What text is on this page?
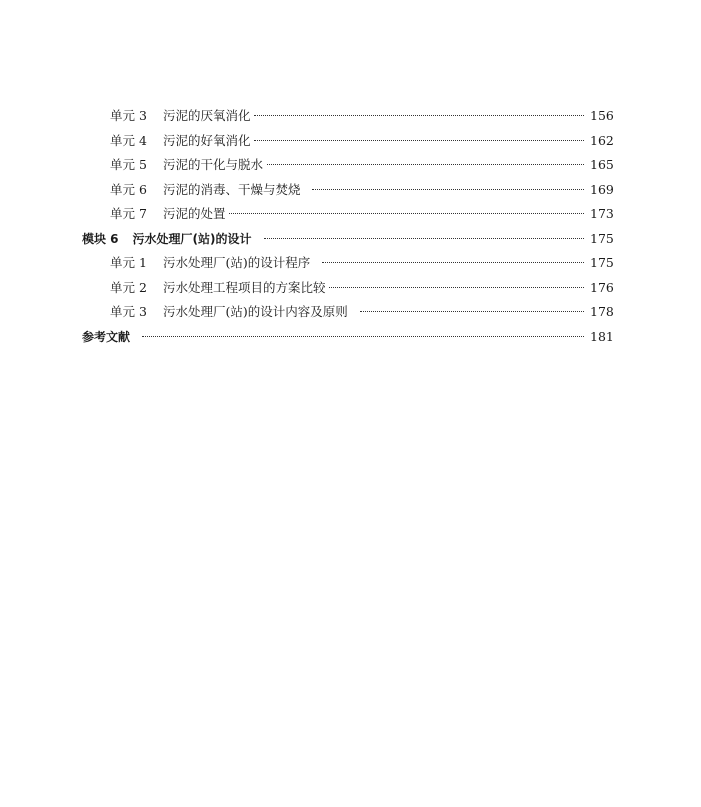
单元 3 污泥的厌氧消化	156
单元 4 污泥的好氧消化	162
单元 5 污泥的干化与脱水	165
单元 6 污泥的消毒、干燥与焚烧	169
单元 7 污泥的处置	173
模块 6 污水处理厂(站)的设计	175
单元 1 污水处理厂(站)的设计程序	175
单元 2 污水处理工程项目的方案比较	176
单元 3 污水处理厂(站)的设计内容及原则	178
参考文献	181
